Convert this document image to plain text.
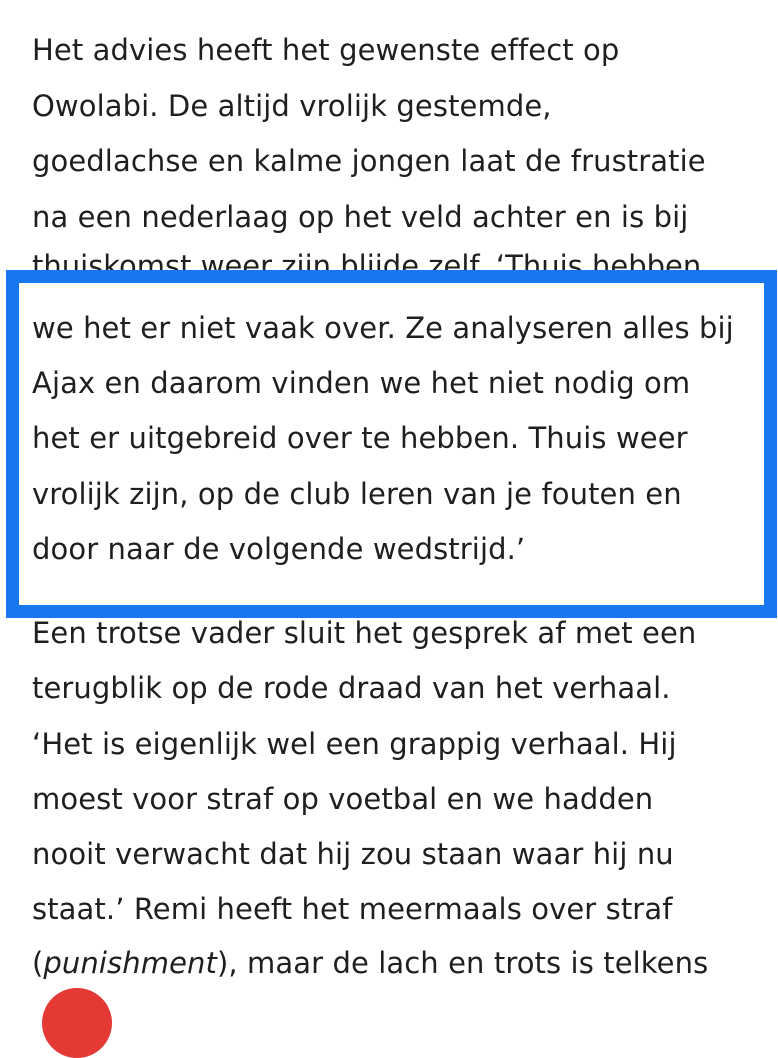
Het advies heeft het gewenste effect op
Owolabi. De altijd vrolijk gestemde,
goedlachse en kalme jongen laat de frustratie
na een nederlaag op het veld achter en is bij
thuiskomst weer zijn blijde zelf. ‘Thuis hebben
we het er niet vaak over. Ze analyseren alles bij
Ajax en daarom vinden we het niet nodig om
het er uitgebreid over te hebben. Thuis weer
vrolijk zijn, op de club leren van je fouten en
door naar de volgende wedstrijd.’
Een trotse vader sluit het gesprek af met een
terugblik op de rode draad van het verhaal.
‘Het is eigenlijk wel een grappig verhaal. Hij
moest voor straf op voetbal en we hadden
nooit verwacht dat hij zou staan waar hij nu
staat.’ Remi heeft het meermaals over straf
(punishment), maar de lach en trots is telkens
